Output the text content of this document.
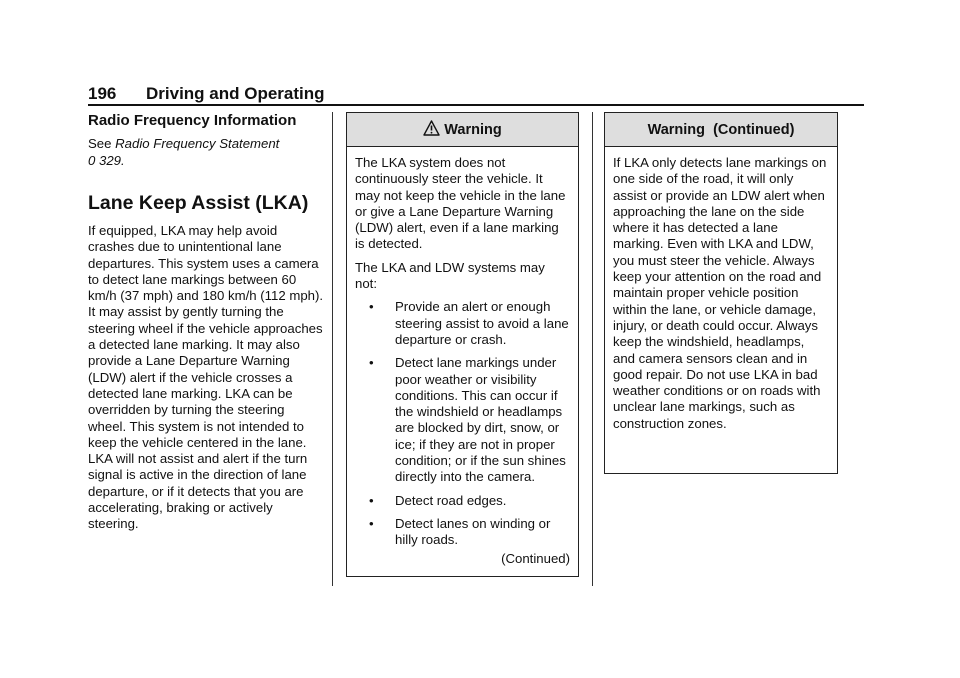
196 Driving and Operating
Radio Frequency Information

See Radio Frequency Statement
0 329.

Lane Keep Assist (LKA)

If equipped, LKA may help avoid crashes due to unintentional lane departures. This system uses a camera to detect lane markings between 60 km/h (37 mph) and 180 km/h (112 mph). It may assist by gently turning the steering wheel if the vehicle approaches a detected lane marking. It may also provide a Lane Departure Warning (LDW) alert if the vehicle crosses a detected lane marking. LKA can be overridden by turning the steering wheel. This system is not intended to keep the vehicle centered in the lane. LKA will not assist and alert if the turn signal is active in the direction of lane departure, or if it detects that you are accelerating, braking or actively steering.

Warning

The LKA system does not continuously steer the vehicle. It may not keep the vehicle in the lane or give a Lane Departure Warning (LDW) alert, even if a lane marking is detected.

The LKA and LDW systems may not:

• Provide an alert or enough steering assist to avoid a lane departure or crash.
• Detect lane markings under poor weather or visibility conditions. This can occur if the windshield or headlamps are blocked by dirt, snow, or ice; if they are not in proper condition; or if the sun shines directly into the camera.
• Detect road edges.
• Detect lanes on winding or hilly roads.

(Continued)

Warning  (Continued)

If LKA only detects lane markings on one side of the road, it will only assist or provide an LDW alert when approaching the lane on the side where it has detected a lane marking. Even with LKA and LDW, you must steer the vehicle. Always keep your attention on the road and maintain proper vehicle position within the lane, or vehicle damage, injury, or death could occur. Always keep the windshield, headlamps, and camera sensors clean and in good repair. Do not use LKA in bad weather conditions or on roads with unclear lane markings, such as construction zones.
